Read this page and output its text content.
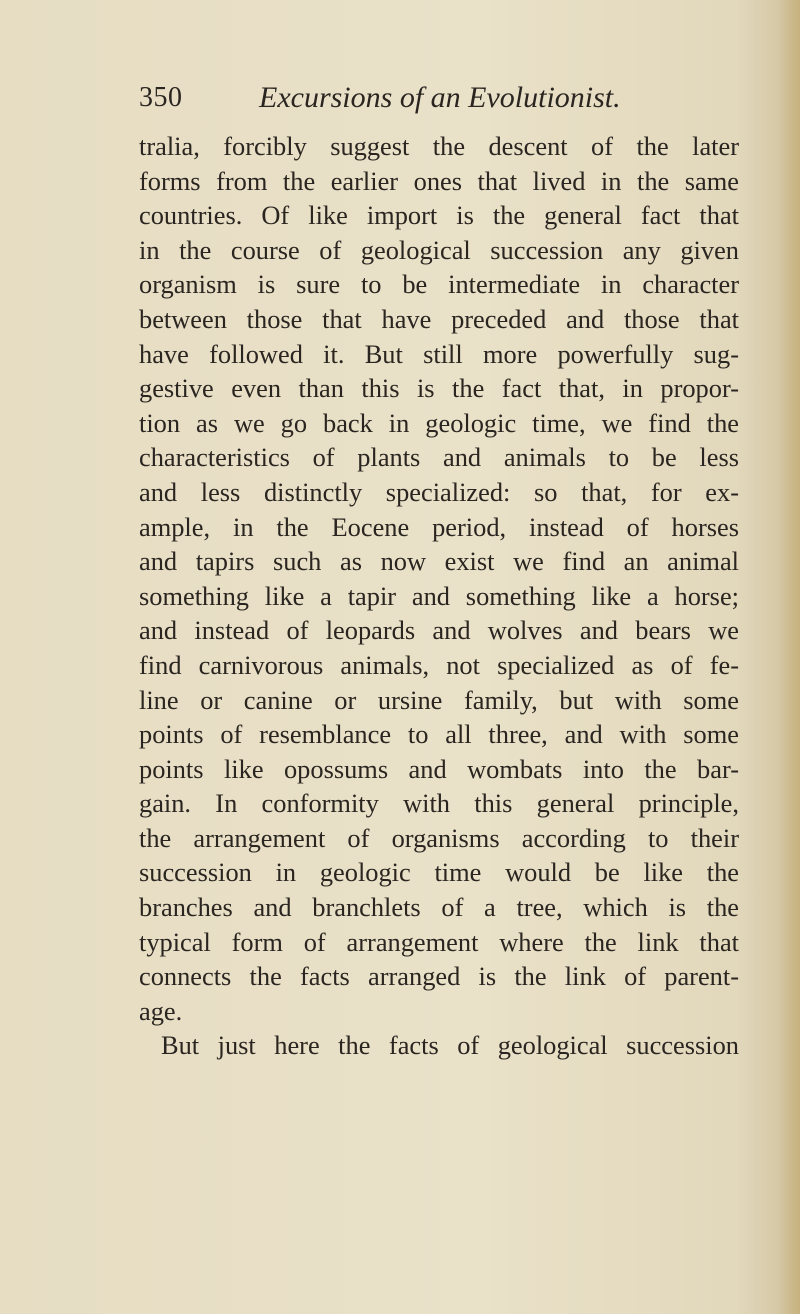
350	Excursions of an Evolutionist.
tralia, forcibly suggest the descent of the later
forms from the earlier ones that lived in the same
countries. Of like import is the general fact that
in the course of geological succession any given
organism is sure to be intermediate in character
between those that have preceded and those that
have followed it. But still more powerfully sug-
gestive even than this is the fact that, in propor-
tion as we go back in geologic time, we find the
characteristics of plants and animals to be less
and less distinctly specialized: so that, for ex-
ample, in the Eocene period, instead of horses
and tapirs such as now exist we find an animal
something like a tapir and something like a horse;
and instead of leopards and wolves and bears we
find carnivorous animals, not specialized as of fe-
line or canine or ursine family, but with some
points of resemblance to all three, and with some
points like opossums and wombats into the bar-
gain. In conformity with this general principle,
the arrangement of organisms according to their
succession in geologic time would be like the
branches and branchlets of a tree, which is the
typical form of arrangement where the link that
connects the facts arranged is the link of parent-
age.
But just here the facts of geological succession
